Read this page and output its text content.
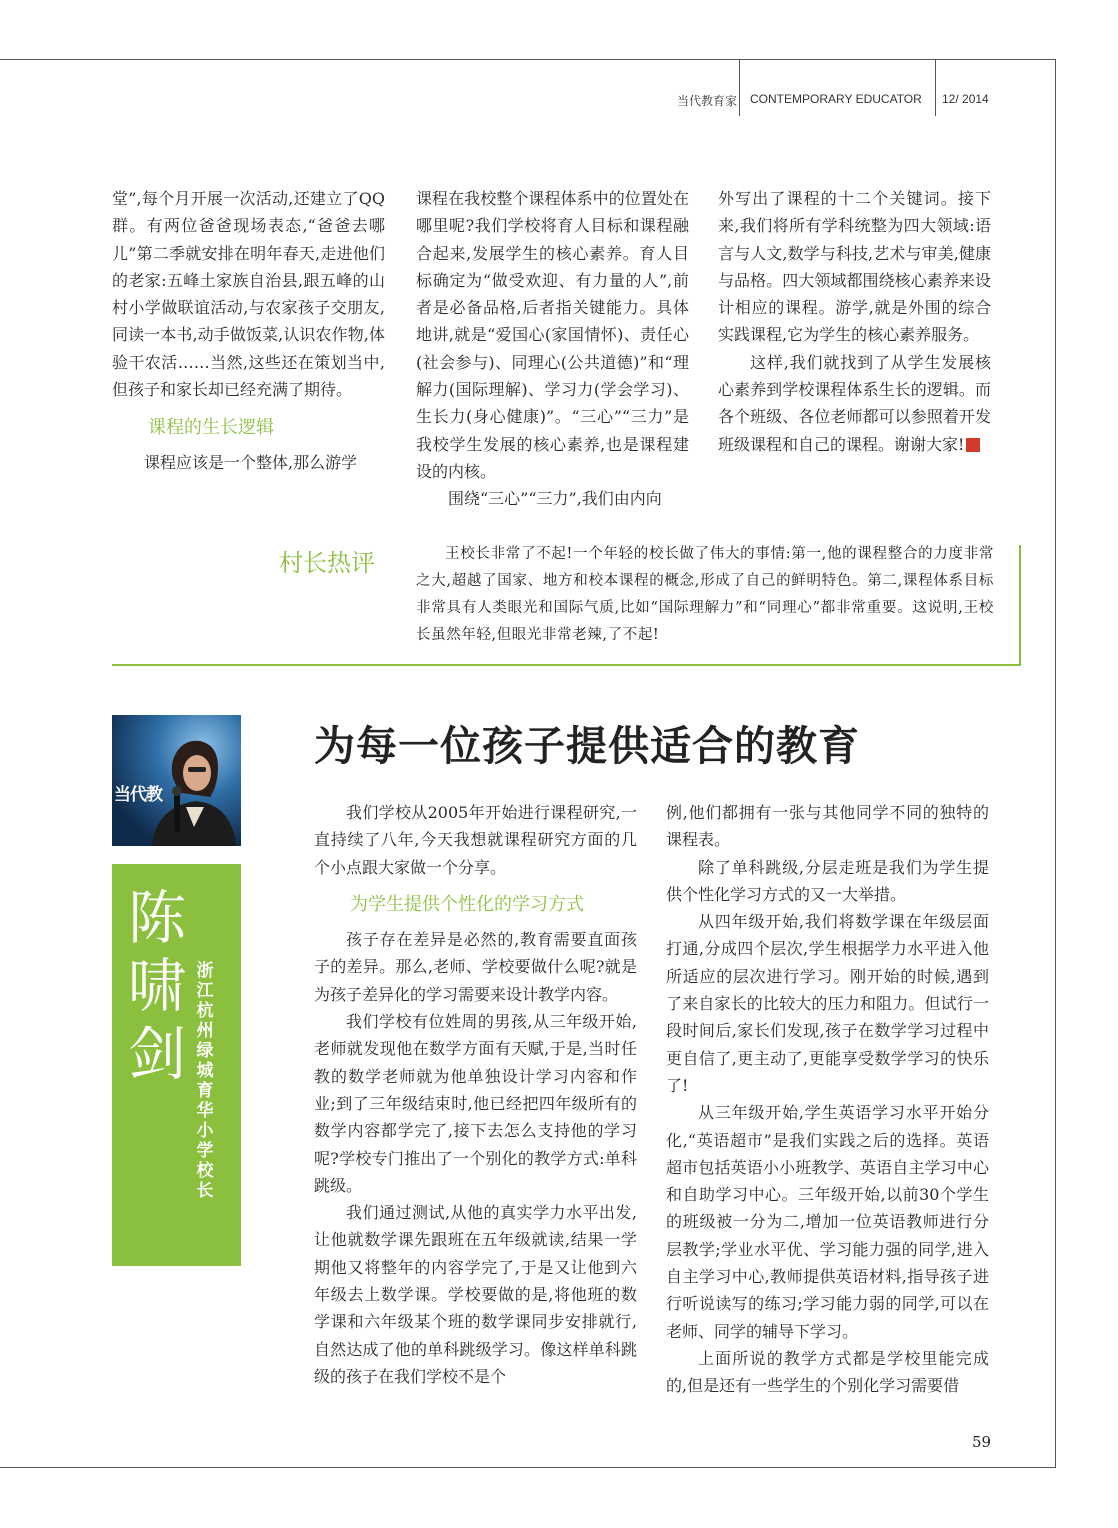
当代教育家 CONTEMPORARY EDUCATOR 12/ 2014

堂”,每个月开展一次活动,还建立了QQ群。有两位爸爸现场表态,“爸爸去哪儿”第二季就安排在明年春天,走进他们的老家:五峰土家族自治县,跟五峰的山村小学做联谊活动,与农家孩子交朋友,同读一本书,动手做饭菜,认识农作物,体验干农活……当然,这些还在策划当中,但孩子和家长却已经充满了期待。

课程的生长逻辑

课程应该是一个整体,那么游学

课程在我校整个课程体系中的位置处在哪里呢?我们学校将育人目标和课程融合起来,发展学生的核心素养。育人目标确定为“做受欢迎、有力量的人”,前者是必备品格,后者指关键能力。具体地讲,就是“爱国心(家国情怀)、责任心(社会参与)、同理心(公共道德)”和“理解力(国际理解)、学习力(学会学习)、生长力(身心健康)”。“三心”“三力”是我校学生发展的核心素养,也是课程建设的内核。

围绕“三心”“三力”,我们由内向

外写出了课程的十二个关键词。接下来,我们将所有学科统整为四大领域:语言与人文,数学与科技,艺术与审美,健康与品格。四大领域都围绕核心素养来设计相应的课程。游学,就是外围的综合实践课程,它为学生的核心素养服务。

这样,我们就找到了从学生发展核心素养到学校课程体系生长的逻辑。而各个班级、各位老师都可以参照着开发班级课程和自己的课程。谢谢大家!	家

村长热评	王校长非常了不起!一个年轻的校长做了伟大的事情:第一,他的课程整合的力度非常之大,超越了国家、地方和校本课程的概念,形成了自己的鲜明特色。第二,课程体系目标非常具有人类眼光和国际气质,比如“国际理解力”和“同理心”都非常重要。这说明,王校长虽然年轻,但眼光非常老辣,了不起!

当代教
陈啸剑
浙江杭州绿城育华小学校长
为每一位孩子提供适合的教育

我们学校从2005年开始进行课程研究,一直持续了八年,今天我想就课程研究方面的几个小点跟大家做一个分享。

为学生提供个性化的学习方式

孩子存在差异是必然的,教育需要直面孩子的差异。那么,老师、学校要做什么呢?就是为孩子差异化的学习需要来设计教学内容。

我们学校有位姓周的男孩,从三年级开始,老师就发现他在数学方面有天赋,于是,当时任教的数学老师就为他单独设计学习内容和作业;到了三年级结束时,他已经把四年级所有的数学内容都学完了,接下去怎么支持他的学习呢?学校专门推出了一个别化的教学方式:单科跳级。

我们通过测试,从他的真实学力水平出发,让他就数学课先跟班在五年级就读,结果一学期他又将整年的内容学完了,于是又让他到六年级去上数学课。学校要做的是,将他班的数学课和六年级某个班的数学课同步安排就行,自然达成了他的单科跳级学习。像这样单科跳级的孩子在我们学校不是个

例,他们都拥有一张与其他同学不同的独特的课程表。

除了单科跳级,分层走班是我们为学生提供个性化学习方式的又一大举措。

从四年级开始,我们将数学课在年级层面打通,分成四个层次,学生根据学力水平进入他所适应的层次进行学习。刚开始的时候,遇到了来自家长的比较大的压力和阻力。但试行一段时间后,家长们发现,孩子在数学学习过程中更自信了,更主动了,更能享受数学学习的快乐了!

从三年级开始,学生英语学习水平开始分化,“英语超市”是我们实践之后的选择。英语超市包括英语小小班教学、英语自主学习中心和自助学习中心。三年级开始,以前30个学生的班级被一分为二,增加一位英语教师进行分层教学;学业水平优、学习能力强的同学,进入自主学习中心,教师提供英语材料,指导孩子进行听说读写的练习;学习能力弱的同学,可以在老师、同学的辅导下学习。

上面所说的教学方式都是学校里能完成的,但是还有一些学生的个别化学习需要借

59
